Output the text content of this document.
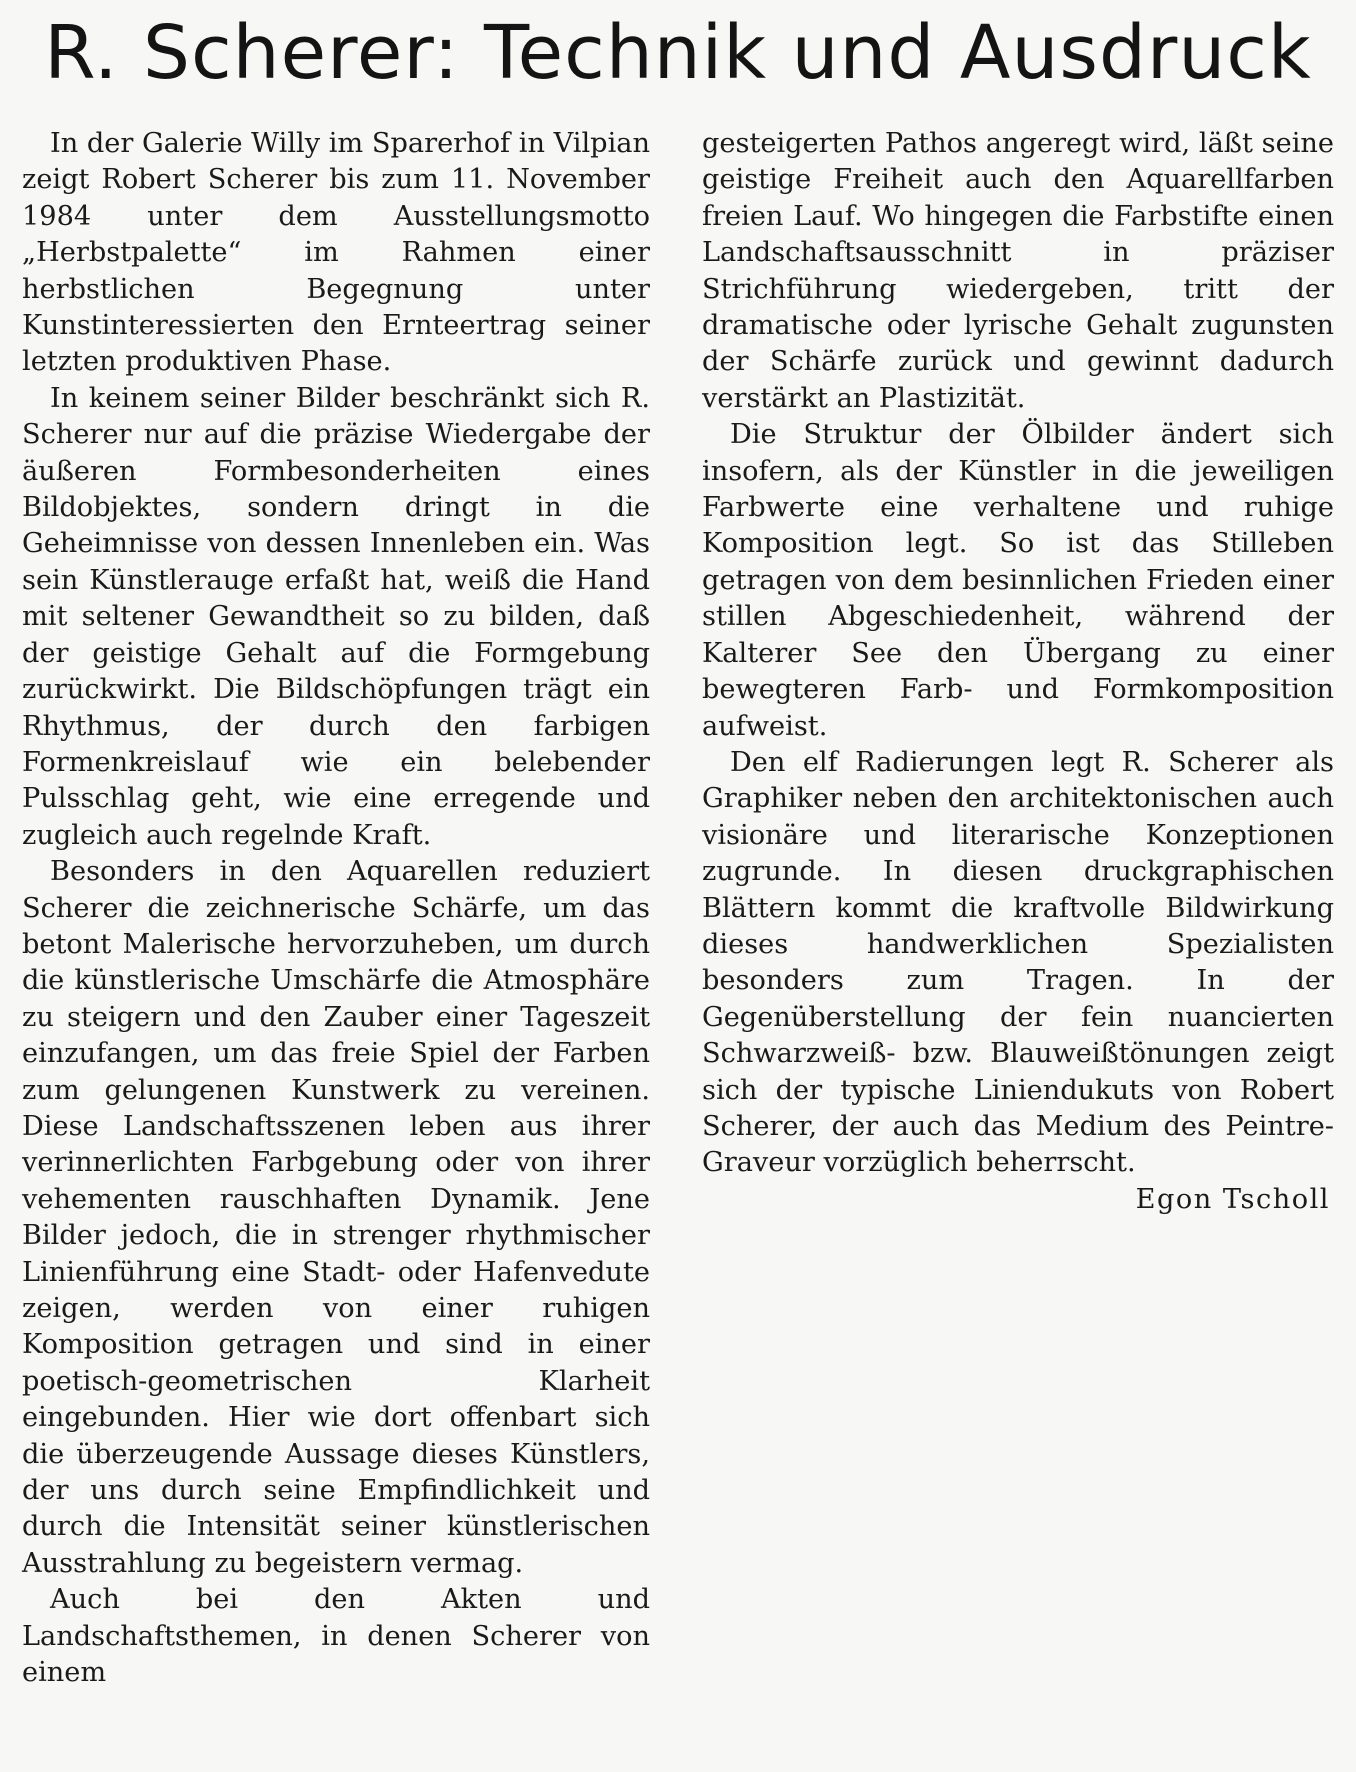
R. Scherer: Technik und Ausdruck

In der Galerie Willy im Sparerhof in Vilpian zeigt Robert Scherer bis zum 11. November 1984 unter dem Ausstellungsmotto „Herbstpalette“ im Rahmen einer herbstlichen Begegnung unter Kunstinteressierten den Ernteertrag seiner letzten produktiven Phase.

In keinem seiner Bilder beschränkt sich R. Scherer nur auf die präzise Wiedergabe der äußeren Formbesonderheiten eines Bildobjektes, sondern dringt in die Geheimnisse von dessen Innenleben ein. Was sein Künstlerauge erfaßt hat, weiß die Hand mit seltener Gewandtheit so zu bilden, daß der geistige Gehalt auf die Formgebung zurückwirkt. Die Bildschöpfungen trägt ein Rhythmus, der durch den farbigen Formenkreislauf wie ein belebender Pulsschlag geht, wie eine erregende und zugleich auch regelnde Kraft.

Besonders in den Aquarellen reduziert Scherer die zeichnerische Schärfe, um das betont Malerische hervorzuheben, um durch die künstlerische Umschärfe die Atmosphäre zu steigern und den Zauber einer Tageszeit einzufangen, um das freie Spiel der Farben zum gelungenen Kunstwerk zu vereinen. Diese Landschaftsszenen leben aus ihrer verinnerlichten Farbgebung oder von ihrer vehementen rauschhaften Dynamik. Jene Bilder jedoch, die in strenger rhythmischer Linienführung eine Stadt- oder Hafenvedute zeigen, werden von einer ruhigen Komposition getragen und sind in einer poetisch-geometrischen Klarheit eingebunden. Hier wie dort offenbart sich die überzeugende Aussage dieses Künstlers, der uns durch seine Empfindlichkeit und durch die Intensität seiner künstlerischen Ausstrahlung zu begeistern vermag.

Auch bei den Akten und Landschaftsthemen, in denen Scherer von einem

gesteigerten Pathos angeregt wird, läßt seine geistige Freiheit auch den Aquarellfarben freien Lauf. Wo hingegen die Farbstifte einen Landschaftsausschnitt in präziser Strichführung wiedergeben, tritt der dramatische oder lyrische Gehalt zugunsten der Schärfe zurück und gewinnt dadurch verstärkt an Plastizität.

Die Struktur der Ölbilder ändert sich insofern, als der Künstler in die jeweiligen Farbwerte eine verhaltene und ruhige Komposition legt. So ist das Stilleben getragen von dem besinnlichen Frieden einer stillen Abgeschiedenheit, während der Kalterer See den Übergang zu einer bewegteren Farb- und Formkomposition aufweist.

Den elf Radierungen legt R. Scherer als Graphiker neben den architektonischen auch visionäre und literarische Konzeptionen zugrunde. In diesen druckgraphischen Blättern kommt die kraftvolle Bildwirkung dieses handwerklichen Spezialisten besonders zum Tragen. In der Gegenüberstellung der fein nuancierten Schwarzweiß- bzw. Blauweißtönungen zeigt sich der typische Liniendukuts von Robert Scherer, der auch das Medium des Peintre-Graveur vorzüglich beherrscht.

Egon Tscholl
